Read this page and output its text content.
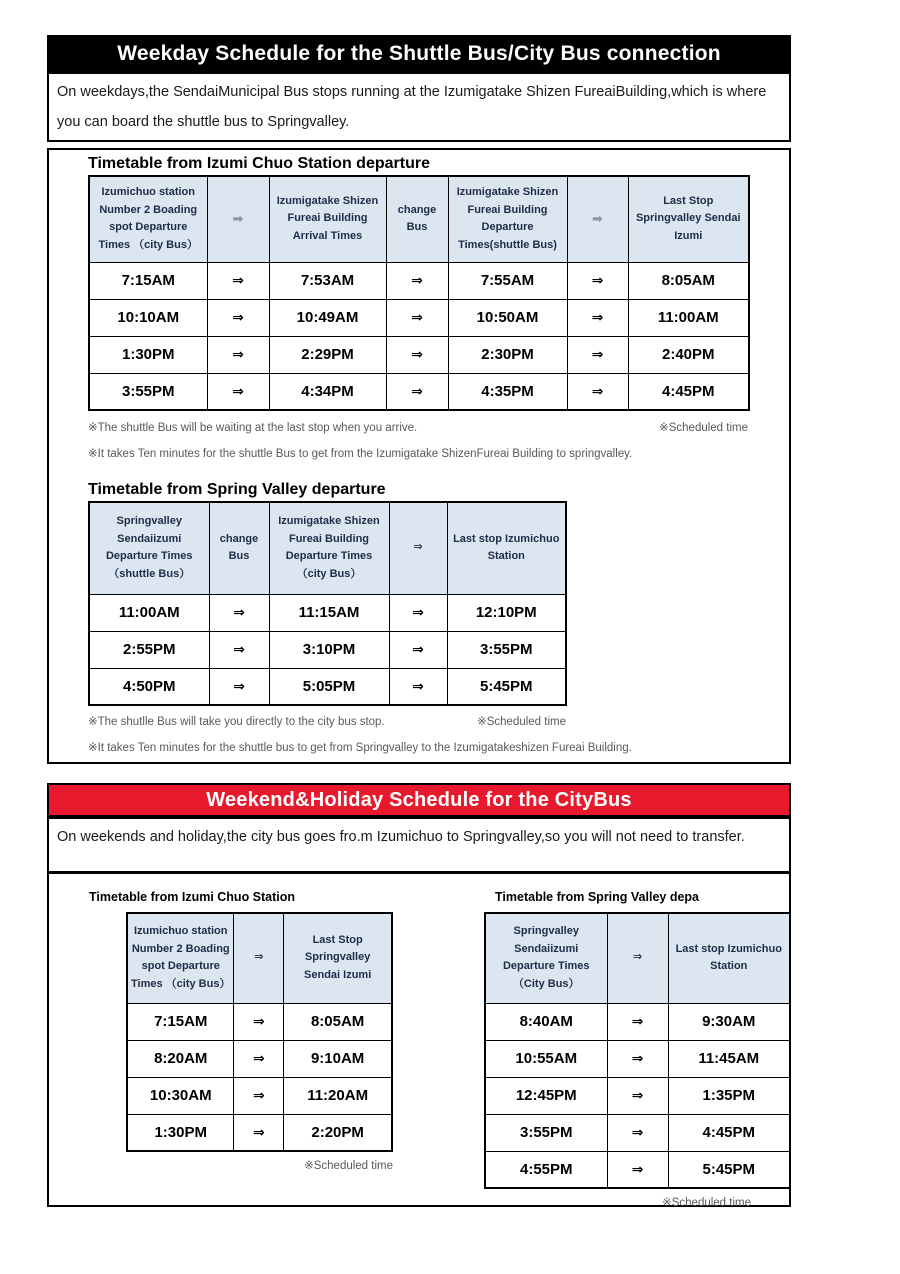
Weekday Schedule for the Shuttle Bus/City Bus connection
On weekdays,the SendaiMunicipal Bus stops running at the Izumigatake Shizen FureaiBuilding,which is where you can board the shuttle bus to Springvalley.
Timetable from Izumi Chuo Station departure
Izumichuo station Number 2 Boading spot Departure Times （city Bus）	➡	Izumigatake Shizen Fureai Building Arrival Times	change Bus	Izumigatake Shizen Fureai Building Departure Times(shuttle Bus)	➡	Last Stop Springvalley Sendai Izumi
7:15AM	⇒	7:53AM	⇒	7:55AM	⇒	8:05AM
10:10AM	⇒	10:49AM	⇒	10:50AM	⇒	11:00AM
1:30PM	⇒	2:29PM	⇒	2:30PM	⇒	2:40PM
3:55PM	⇒	4:34PM	⇒	4:35PM	⇒	4:45PM
※The shuttle Bus will be waiting at the last stop when you arrive.	※Scheduled time
※It takes Ten minutes for the shuttle Bus to get from the Izumigatake ShizenFureai Building to springvalley.
Timetable from Spring Valley departure
Springvalley Sendaiizumi Departure Times （shuttle Bus）	change Bus	Izumigatake Shizen Fureai Building Departure Times （city Bus）	⇒	Last stop Izumichuo Station
11:00AM	⇒	11:15AM	⇒	12:10PM
2:55PM	⇒	3:10PM	⇒	3:55PM
4:50PM	⇒	5:05PM	⇒	5:45PM
※The shutlle Bus will take you directly to the city bus stop.	※Scheduled time
※It takes Ten minutes for the shuttle bus to get from Springvalley to the Izumigatakeshizen Fureai Building.
Weekend&Holiday Schedule for the CityBus
On weekends and holiday,the city bus goes fro.m Izumichuo to Springvalley,so you will not need to transfer.
Timetable from Izumi Chuo Station
Izumichuo station Number 2 Boading spot Departure Times （city Bus）	⇒	Last Stop Springvalley Sendai Izumi
7:15AM	⇒	8:05AM
8:20AM	⇒	9:10AM
10:30AM	⇒	11:20AM
1:30PM	⇒	2:20PM
※Scheduled time
Timetable from Spring Valley depa
Springvalley Sendaiizumi Departure Times （City Bus）	⇒	Last stop Izumichuo Station
8:40AM	⇒	9:30AM
10:55AM	⇒	11:45AM
12:45PM	⇒	1:35PM
3:55PM	⇒	4:45PM
4:55PM	⇒	5:45PM
※Scheduled time
